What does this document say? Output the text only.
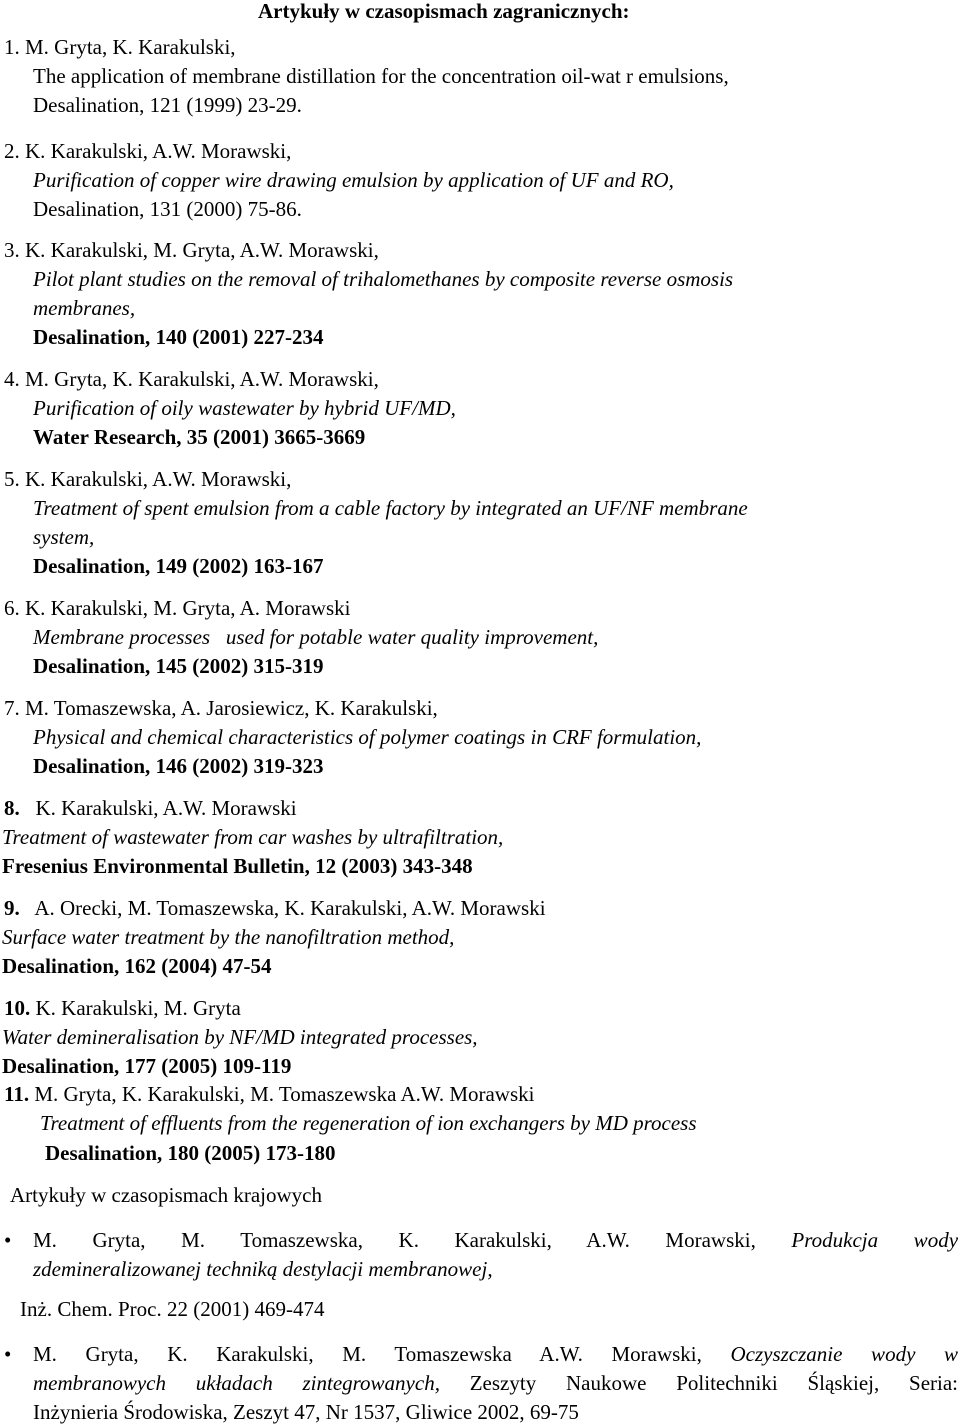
Artykuły w czasopismach zagranicznych:
1. M. Gryta, K. Karakulski,
The application of membrane distillation for the concentration oil-wat r emulsions,
Desalination, 121 (1999) 23-29.
2. K. Karakulski, A.W. Morawski,
Purification of copper wire drawing emulsion by application of UF and RO,
Desalination, 131 (2000) 75-86.
3. K. Karakulski, M. Gryta, A.W. Morawski,
Pilot plant studies on the removal of trihalomethanes by composite reverse osmosis
membranes,
Desalination, 140 (2001) 227-234
4. M. Gryta, K. Karakulski, A.W. Morawski,
Purification of oily wastewater by hybrid UF/MD,
Water Research, 35 (2001) 3665-3669
5. K. Karakulski, A.W. Morawski,
Treatment of spent emulsion from a cable factory by integrated an UF/NF membrane
system,
Desalination, 149 (2002) 163-167
6. K. Karakulski, M. Gryta, A. Morawski
Membrane processes   used for potable water quality improvement,
Desalination, 145 (2002) 315-319
7. M. Tomaszewska, A. Jarosiewicz, K. Karakulski,
Physical and chemical characteristics of polymer coatings in CRF formulation,
Desalination, 146 (2002) 319-323
8. K. Karakulski, A.W. Morawski
Treatment of wastewater from car washes by ultrafiltration,
Fresenius Environmental Bulletin, 12 (2003) 343-348
9. A. Orecki, M. Tomaszewska, K. Karakulski, A.W. Morawski
Surface water treatment by the nanofiltration method,
Desalination, 162 (2004) 47-54
10. K. Karakulski, M. Gryta
Water demineralisation by NF/MD integrated processes,
Desalination, 177 (2005) 109-119
11. M. Gryta, K. Karakulski, M. Tomaszewska A.W. Morawski
Treatment of effluents from the regeneration of ion exchangers by MD process
Desalination, 180 (2005) 173-180
Artykuły w czasopismach krajowych
• M. Gryta, M. Tomaszewska, K. Karakulski, A.W. Morawski, Produkcja wody
zdemineralizowanej techniką destylacji membranowej,
Inż. Chem. Proc. 22 (2001) 469-474
• M. Gryta, K. Karakulski, M. Tomaszewska A.W. Morawski, Oczyszczanie wody w
membranowych układach zintegrowanych, Zeszyty Naukowe Politechniki Śląskiej, Seria:
Inżynieria Środowiska, Zeszyt 47, Nr 1537, Gliwice 2002, 69-75
